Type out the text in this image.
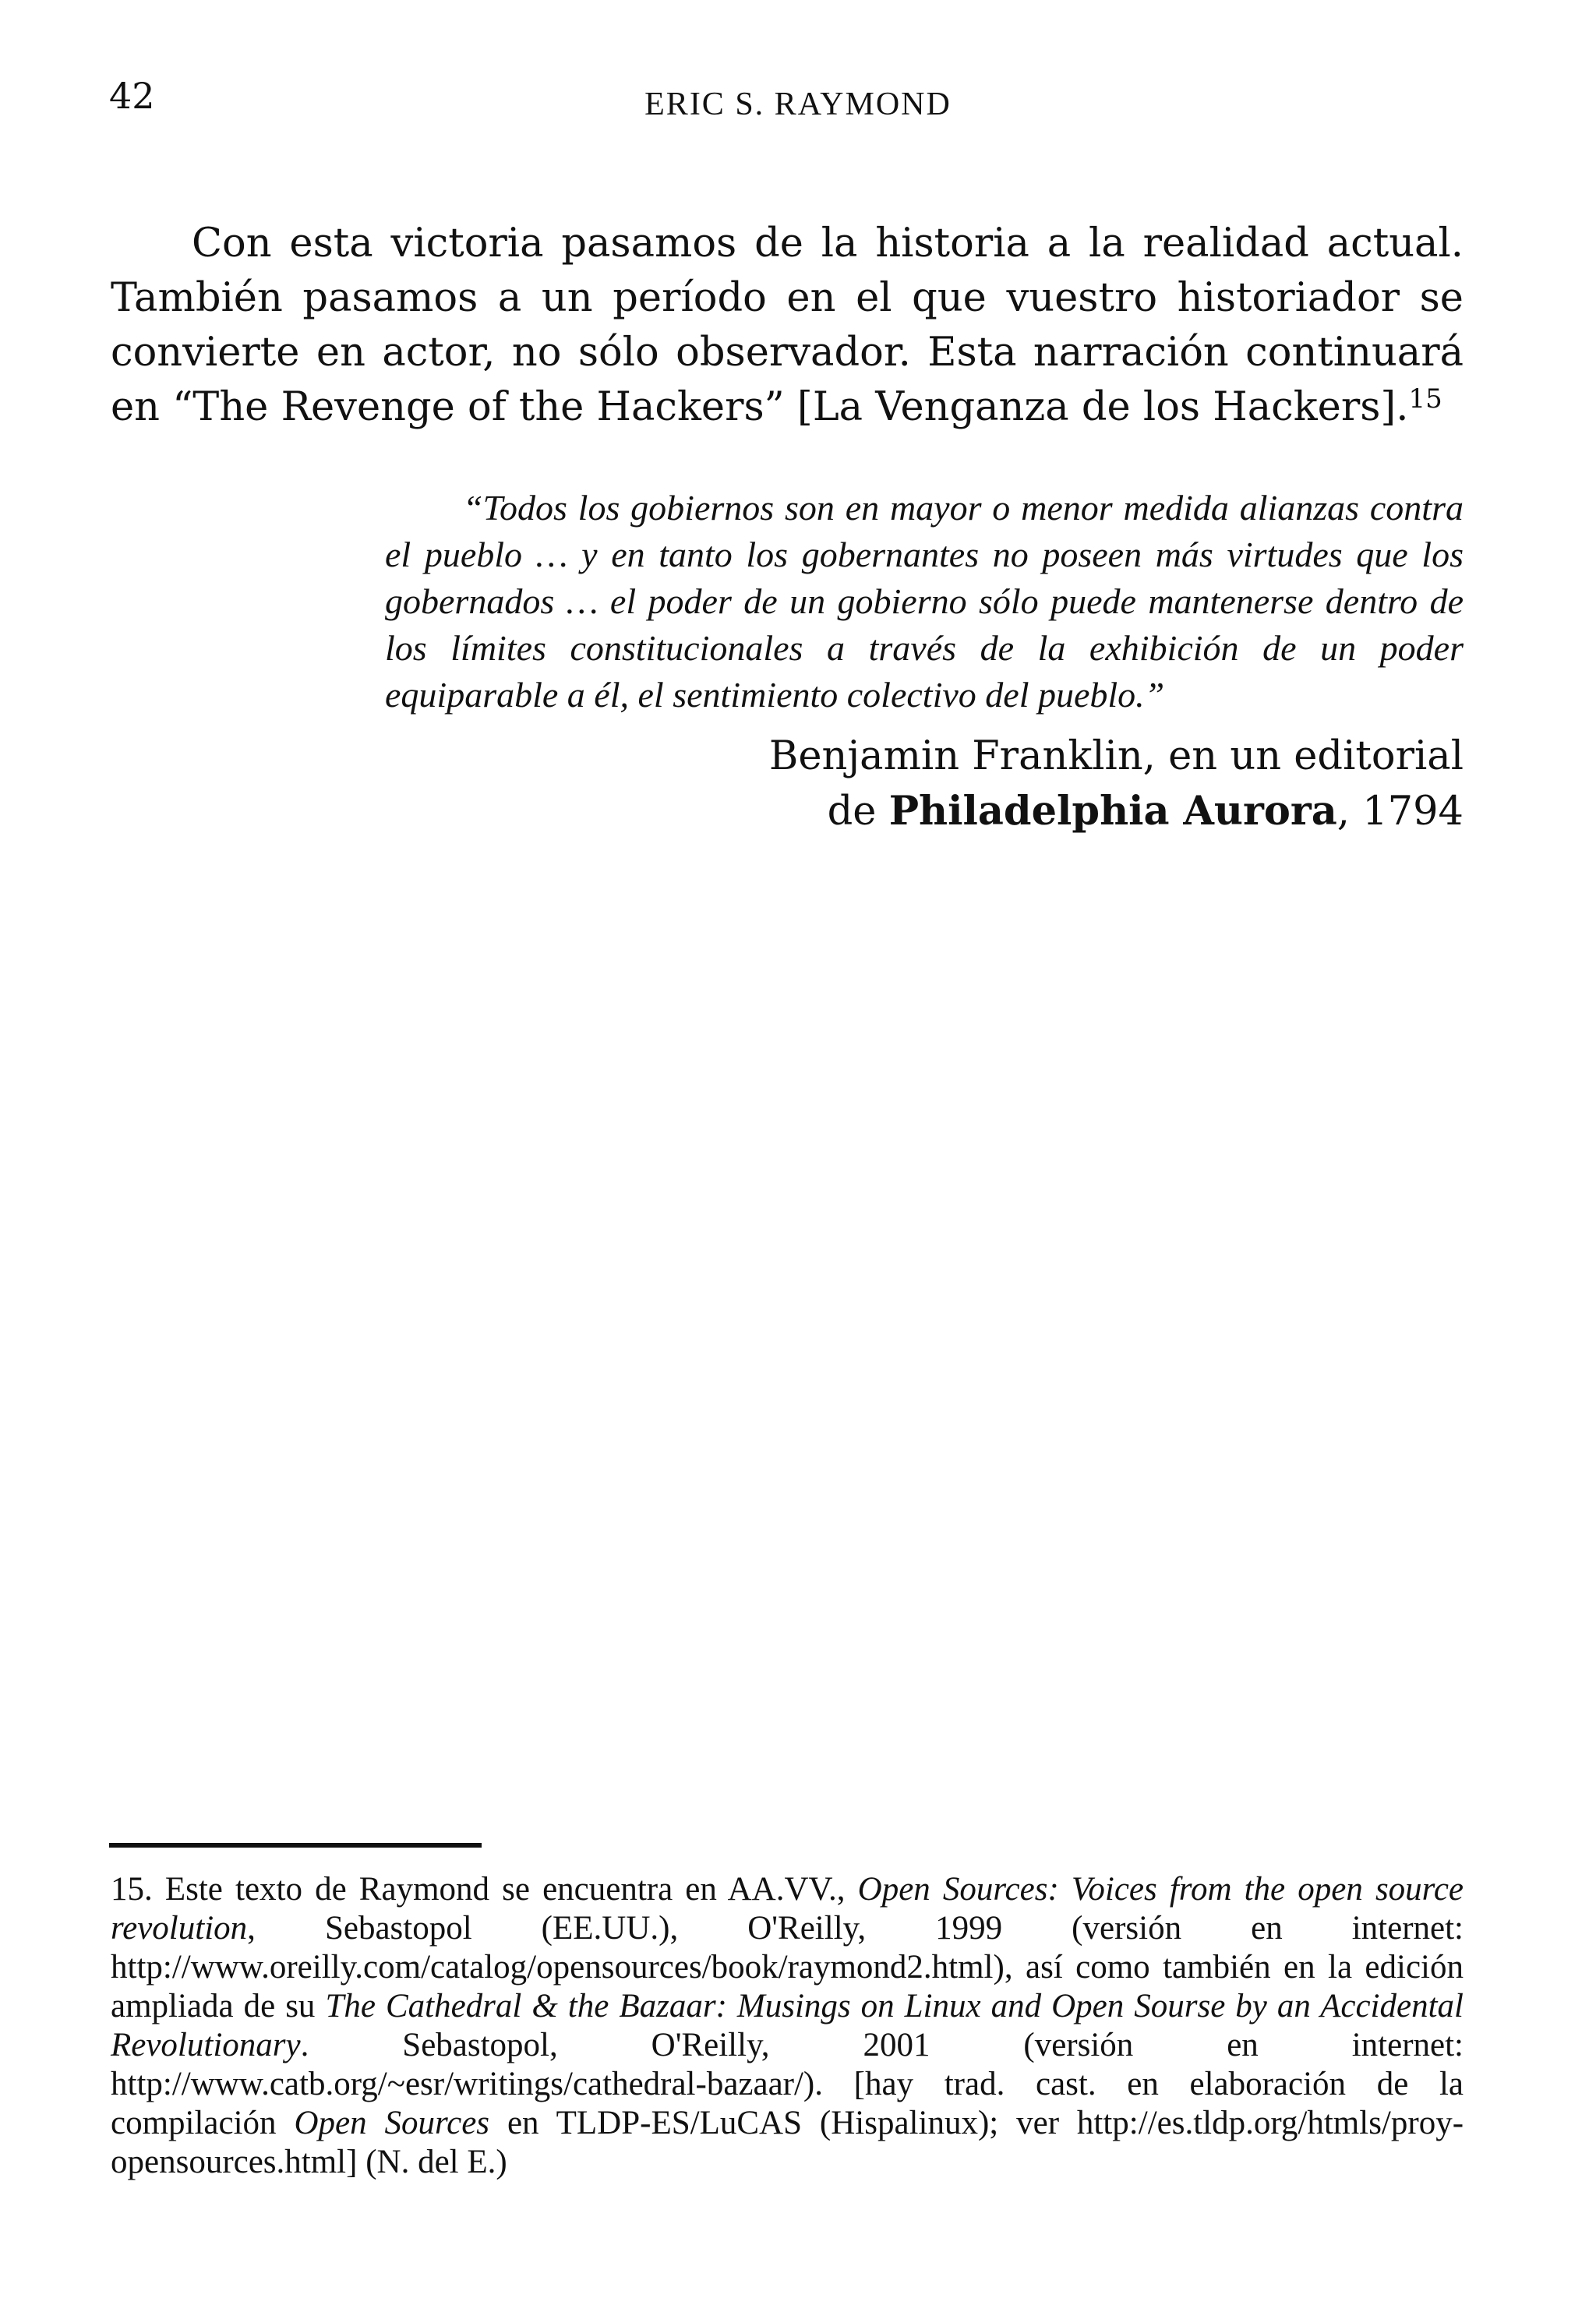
42	ERIC S. RAYMOND

Con esta victoria pasamos de la historia a la realidad actual. También pasamos a un período en el que vuestro historiador se convierte en actor, no sólo observador. Esta narración continuará en “The Revenge of the Hackers” [La Venganza de los Hackers].$^{15}$

“Todos los gobiernos son en mayor o menor medida alianzas contra el pueblo … y en tanto los gobernantes no poseen más virtudes que los gobernados … el poder de un gobierno sólo puede mantenerse dentro de los límites constitucionales a través de la exhibición de un poder equiparable a él, el sentimiento colectivo del pueblo.”

Benjamin Franklin, en un editorial
de Philadelphia Aurora, 1794

15. Este texto de Raymond se encuentra en AA.VV., Open Sources: Voices from the open source revolution, Sebastopol (EE.UU.), O'Reilly, 1999 (versión en internet: http://www.oreilly.com/catalog/opensources/book/raymond2.html), así como también en la edición ampliada de su The Cathedral & the Bazaar: Musings on Linux and Open Sourse by an Accidental Revolutionary. Sebastopol, O'Reilly, 2001 (versión en internet: http://www.catb.org/~esr/writings/cathedral-bazaar/). [hay trad. cast. en elaboración de la compilación Open Sources en TLDP-ES/LuCAS (Hispalinux); ver http://es.tldp.org/htmls/proy-opensources.html] (N. del E.)
